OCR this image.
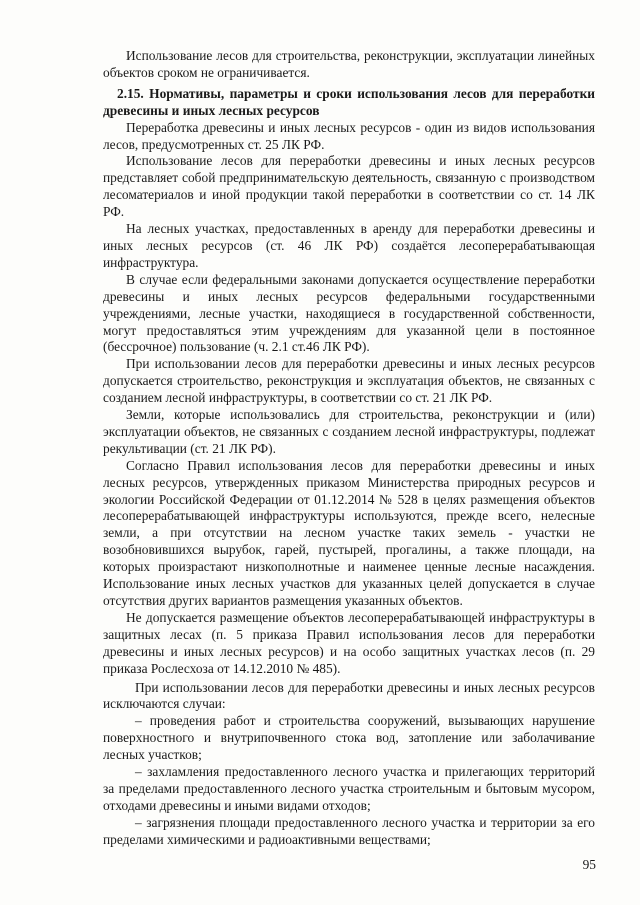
Использование лесов для строительства, реконструкции, эксплуатации линейных объектов сроком не ограничивается.

2.15. Нормативы, параметры и сроки использования лесов для переработки древесины и иных лесных ресурсов

Переработка древесины и иных лесных ресурсов - один из видов использования лесов, предусмотренных ст. 25 ЛК РФ.

Использование лесов для переработки древесины и иных лесных ресурсов представляет собой предпринимательскую деятельность, связанную с производством лесоматериалов и иной продукции такой переработки в соответствии со ст. 14 ЛК РФ.

На лесных участках, предоставленных в аренду для переработки древесины и иных лесных ресурсов (ст. 46 ЛК РФ) создаётся лесоперерабатывающая инфраструктура.

В случае если федеральными законами допускается осуществление переработки древесины и иных лесных ресурсов федеральными государственными учреждениями, лесные участки, находящиеся в государственной собственности, могут предоставляться этим учреждениям для указанной цели в постоянное (бессрочное) пользование (ч. 2.1 ст.46 ЛК РФ).

При использовании лесов для переработки древесины и иных лесных ресурсов допускается строительство, реконструкция и эксплуатация объектов, не связанных с созданием лесной инфраструктуры, в соответствии со ст. 21 ЛК РФ.

Земли, которые использовались для строительства, реконструкции и (или) эксплуатации объектов, не связанных с созданием лесной инфраструктуры, подлежат рекультивации (ст. 21 ЛК РФ).

Согласно Правил использования лесов для переработки древесины и иных лесных ресурсов, утвержденных приказом Министерства природных ресурсов и экологии Российской Федерации от 01.12.2014 № 528 в целях размещения объектов лесоперерабатывающей инфраструктуры используются, прежде всего, нелесные земли, а при отсутствии на лесном участке таких земель - участки не возобновившихся вырубок, гарей, пустырей, прогалины, а также площади, на которых произрастают низкополнотные и наименее ценные лесные насаждения. Использование иных лесных участков для указанных целей допускается в случае отсутствия других вариантов размещения указанных объектов.

Не допускается размещение объектов лесоперерабатывающей инфраструктуры в защитных лесах (п. 5 приказа Правил использования лесов для переработки древесины и иных лесных ресурсов) и на особо защитных участках лесов (п. 29 приказа Рослесхоза от 14.12.2010 № 485).

При использовании лесов для переработки древесины и иных лесных ресурсов исключаются случаи:

– проведения работ и строительства сооружений, вызывающих нарушение поверхностного и внутрипочвенного стока вод, затопление или заболачивание лесных участков;

– захламления предоставленного лесного участка и прилегающих территорий за пределами предоставленного лесного участка строительным и бытовым мусором, отходами древесины и иными видами отходов;

– загрязнения площади предоставленного лесного участка и территории за его пределами химическими и радиоактивными веществами;

95
